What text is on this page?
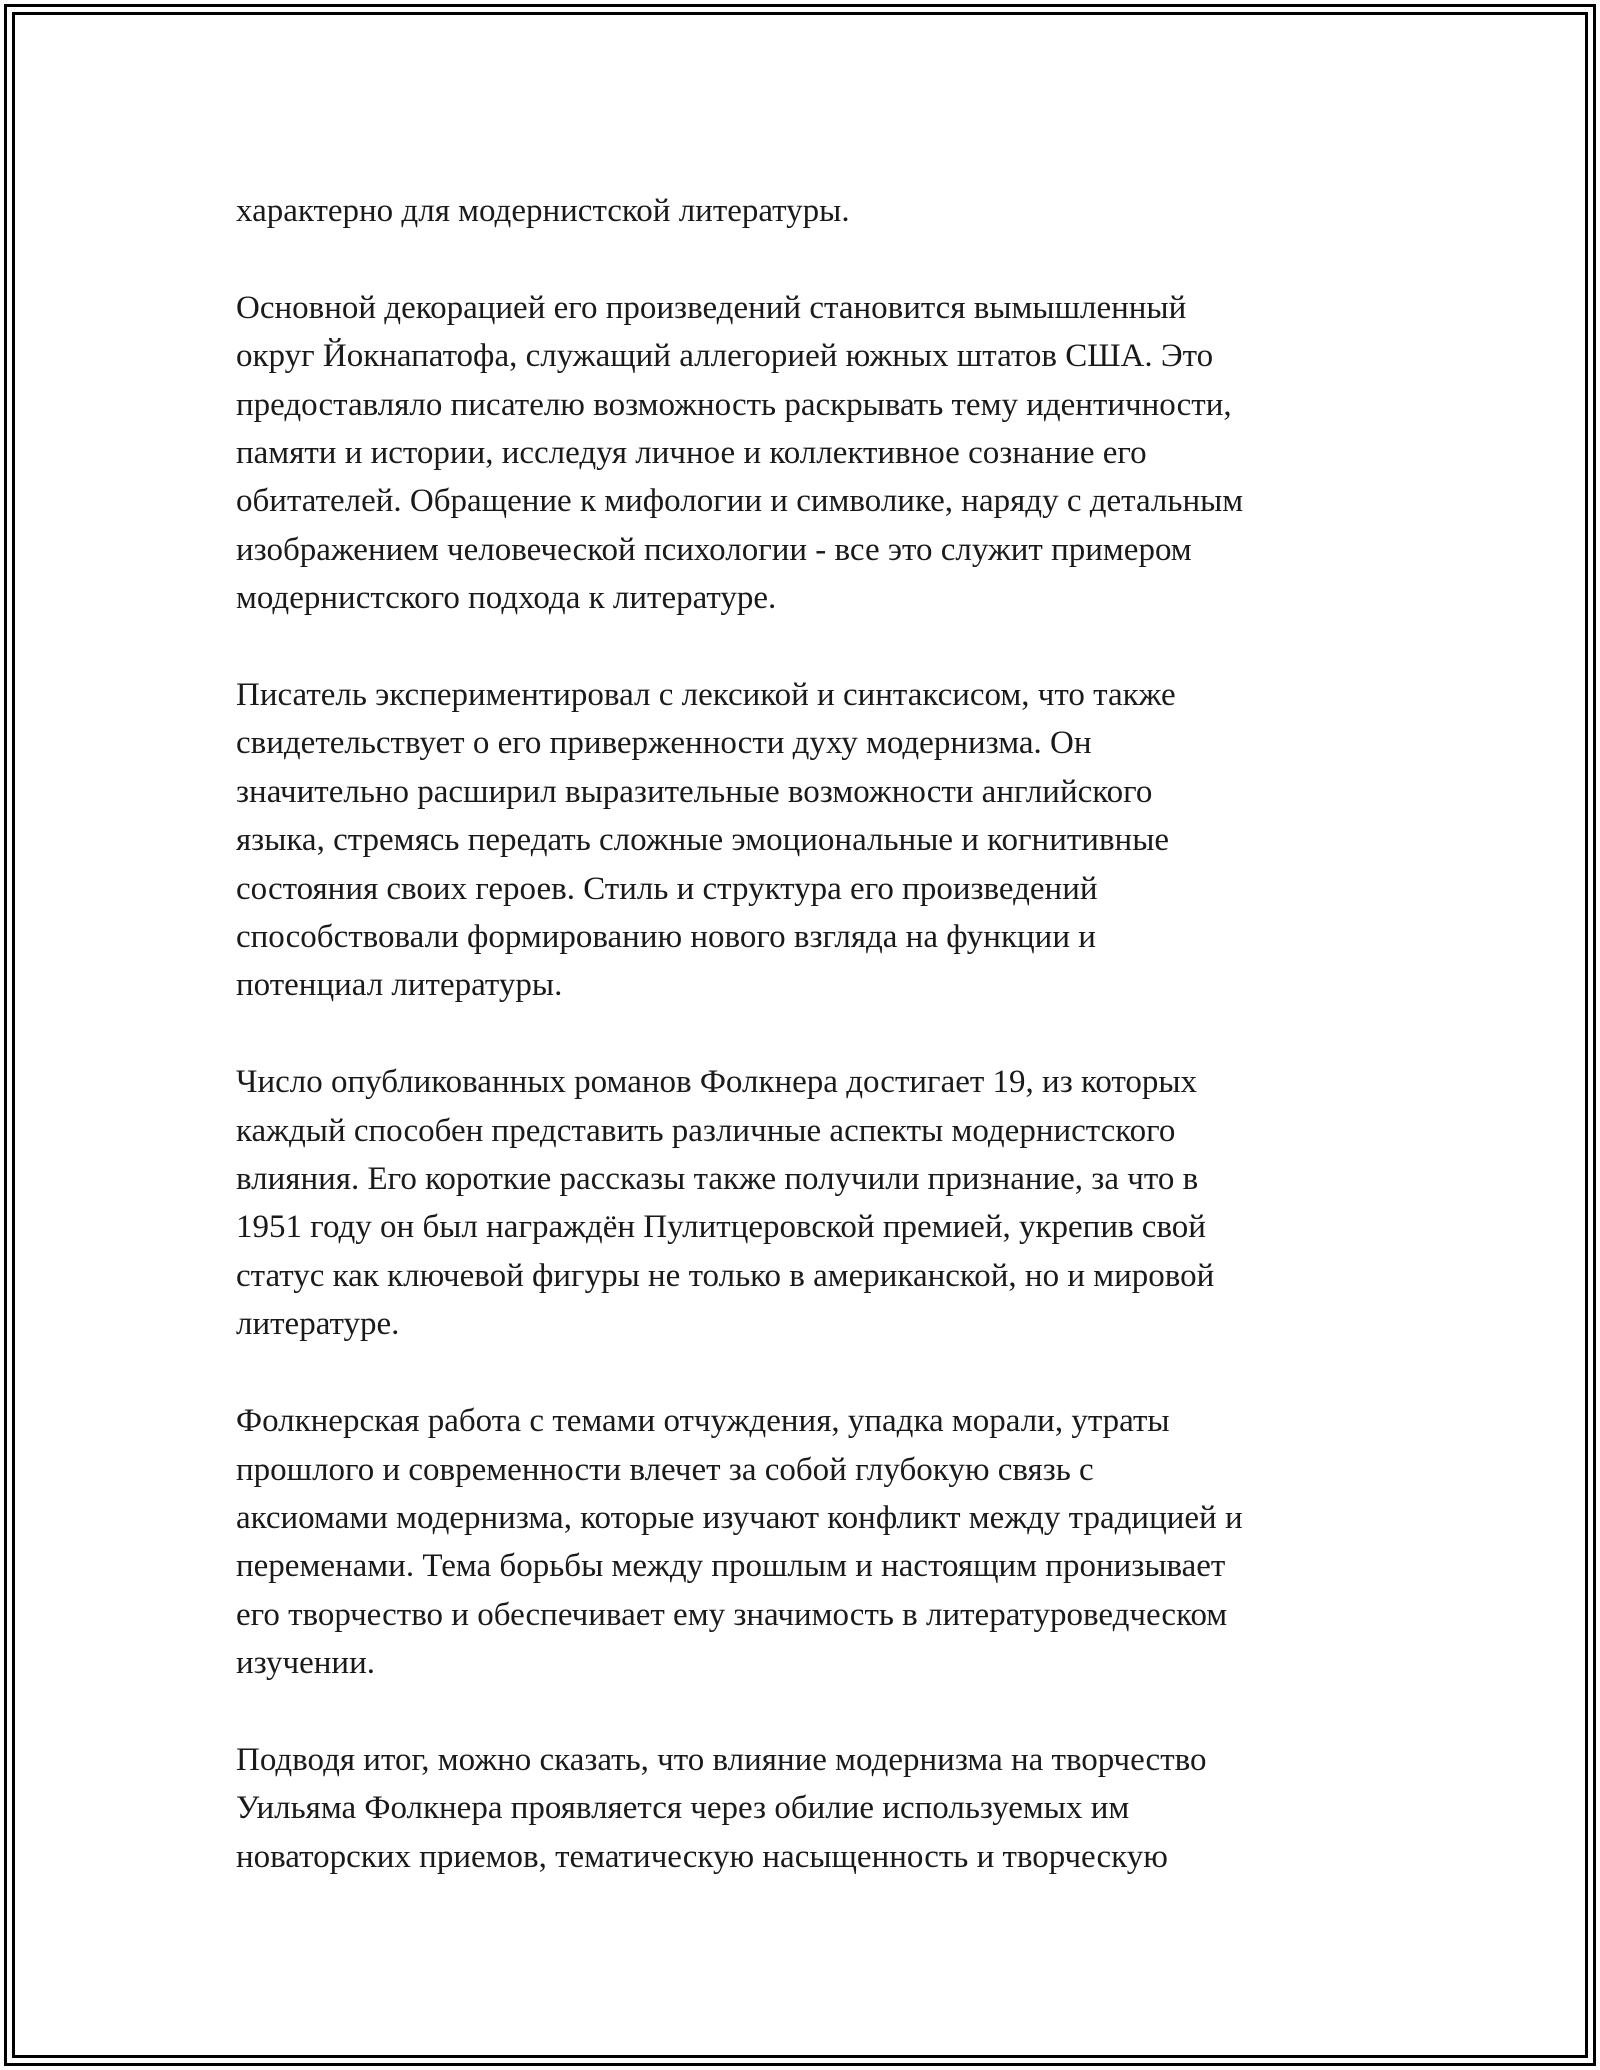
характерно для модернистской литературы.

Основной декорацией его произведений становится вымышленный
округ Йокнапатофа, служащий аллегорией южных штатов США. Это
предоставляло писателю возможность раскрывать тему идентичности,
памяти и истории, исследуя личное и коллективное сознание его
обитателей. Обращение к мифологии и символике, наряду с детальным
изображением человеческой психологии - все это служит примером
модернистского подхода к литературе.

Писатель экспериментировал с лексикой и синтаксисом, что также
свидетельствует о его приверженности духу модернизма. Он
значительно расширил выразительные возможности английского
языка, стремясь передать сложные эмоциональные и когнитивные
состояния своих героев. Стиль и структура его произведений
способствовали формированию нового взгляда на функции и
потенциал литературы.

Число опубликованных романов Фолкнера достигает 19, из которых
каждый способен представить различные аспекты модернистского
влияния. Его короткие рассказы также получили признание, за что в
1951 году он был награждён Пулитцеровской премией, укрепив свой
статус как ключевой фигуры не только в американской, но и мировой
литературе.

Фолкнерская работа с темами отчуждения, упадка морали, утраты
прошлого и современности влечет за собой глубокую связь с
аксиомами модернизма, которые изучают конфликт между традицией и
переменами. Тема борьбы между прошлым и настоящим пронизывает
его творчество и обеспечивает ему значимость в литературоведческом
изучении.

Подводя итог, можно сказать, что влияние модернизма на творчество
Уильяма Фолкнера проявляется через обилие используемых им
новаторских приемов, тематическую насыщенность и творческую
